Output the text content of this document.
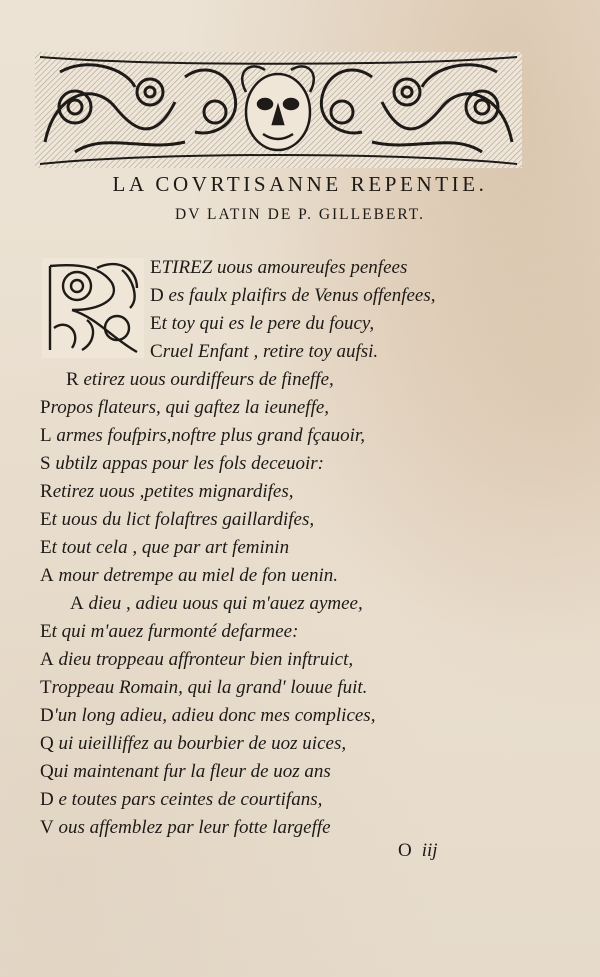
LA COVRTISANNE REPENTIE.
DV LATIN DE P. GILLEBERT.
ETIREZ uous amoureufes penfees
D es faulx plaifirs de Venus offenfees,
Et toy qui es le pere du foucy,
Cruel Enfant , retire toy aufsi.
R etirez uous ourdiffeurs de fineffe,
Propos flateurs, qui gaftez la ieuneffe,
L armes foufpirs,noftre plus grand fçauoir,
S ubtilz appas pour les fols deceuoir:
Retirez uous ,petites mignardifes,
Et uous du lict folaftres gaillardifes,
Et tout cela , que par art feminin
A mour detrempe au miel de fon uenin.
A dieu , adieu uous qui m'auez aymee,
Et qui m'auez furmonté defarmee:
A dieu troppeau affronteur bien inftruict,
Troppeau Romain, qui la grand' louue fuit.
D'un long adieu, adieu donc mes complices,
Q ui uieilliffez au bourbier de uoz uices,
Qui maintenant fur la fleur de uoz ans
D e toutes pars ceintes de courtifans,
V ous affemblez par leur fotte largeffe
O iij
